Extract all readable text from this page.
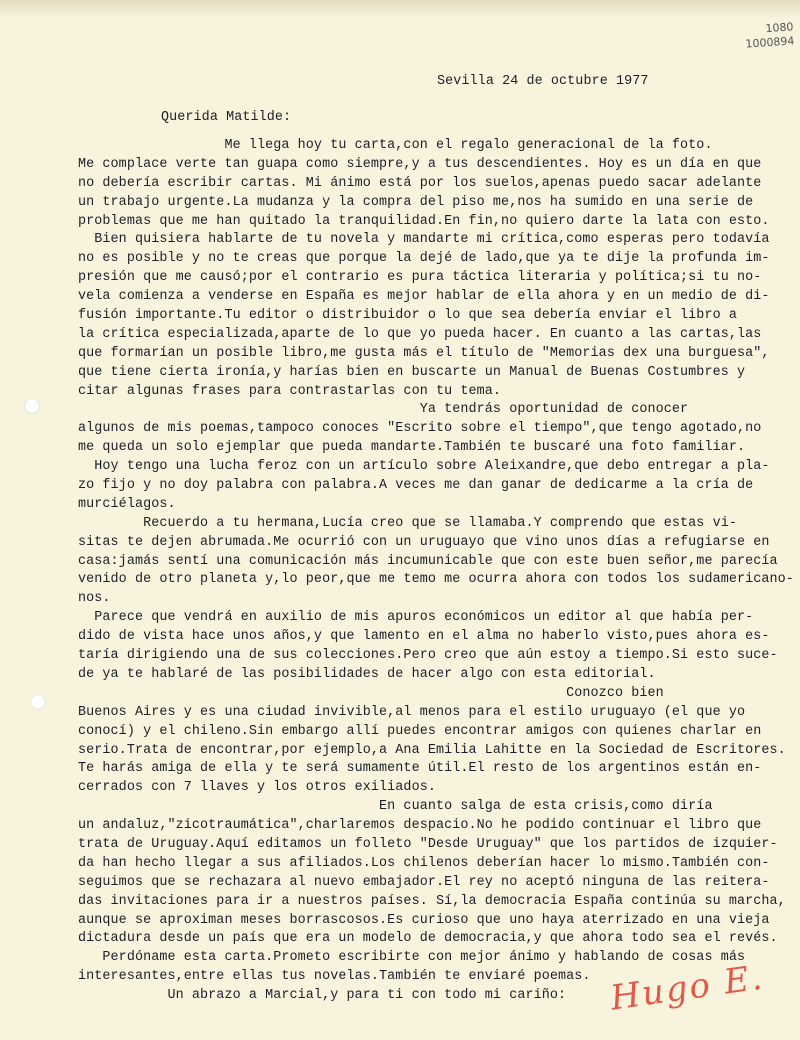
1080
1000894
Sevilla 24 de octubre 1977
Querida Matilde:
Me llega hoy tu carta,con el regalo generacional de la foto.
Me complace verte tan guapa como siempre,y a tus descendientes. Hoy es un día en que
no debería escribir cartas. Mi ánimo está por los suelos,apenas puedo sacar adelante
un trabajo urgente.La mudanza y la compra del piso me,nos ha sumido en una serie de
problemas que me han quitado la tranquilidad.En fin,no quiero darte la lata con esto.
Bien quisiera hablarte de tu novela y mandarte mi crítica,como esperas pero todavía
no es posible y no te creas que porque la dejé de lado,que ya te dije la profunda im-
presión que me causó;por el contrario es pura táctica literaria y política;si tu no-
vela comienza a venderse en España es mejor hablar de ella ahora y en un medio de di-
fusión importante.Tu editor o distribuidor o lo que sea debería enviar el libro a
la crítica especializada,aparte de lo que yo pueda hacer. En cuanto a las cartas,las
que formarían un posible libro,me gusta más el título de "Memorias dex una burguesa",
que tiene cierta ironía,y harías bien en buscarte un Manual de Buenas Costumbres y
citar algunas frases para contrastarlas con tu tema.
Ya tendrás oportunidad de conocer
algunos de mis poemas,tampoco conoces "Escrito sobre el tiempo",que tengo agotado,no
me queda un solo ejemplar que pueda mandarte.También te buscaré una foto familiar.
Hoy tengo una lucha feroz con un artículo sobre Aleixandre,que debo entregar a pla-
zo fijo y no doy palabra con palabra.A veces me dan ganar de dedicarme a la cría de
murciélagos.
Recuerdo a tu hermana,Lucía creo que se llamaba.Y comprendo que estas vi-
sitas te dejen abrumada.Me ocurrió con un uruguayo que vino unos días a refugiarse en
casa:jamás sentí una comunicación más incumunicable que con este buen señor,me parecía
venido de otro planeta y,lo peor,que me temo me ocurra ahora con todos los sudamericano-
nos.
Parece que vendrá en auxilio de mis apuros económicos un editor al que había per-
dido de vista hace unos años,y que lamento en el alma no haberlo visto,pues ahora es-
taría dirigiendo una de sus colecciones.Pero creo que aún estoy a tiempo.Si esto suce-
de ya te hablaré de las posibilidades de hacer algo con esta editorial.
Conozco bien
Buenos Aires y es una ciudad invivible,al menos para el estilo uruguayo (el que yo
conocí) y el chileno.Sin embargo allí puedes encontrar amigos con quienes charlar en
serio.Trata de encontrar,por ejemplo,a Ana Emilia Lahitte en la Sociedad de Escritores.
Te harás amiga de ella y te será sumamente útil.El resto de los argentinos están en-
cerrados con 7 llaves y los otros exiliados.
En cuanto salga de esta crisis,como diría
un andaluz,"zicotraumática",charlaremos despacio.No he podido continuar el libro que
trata de Uruguay.Aquí editamos un folleto "Desde Uruguay" que los partidos de izquier-
da han hecho llegar a sus afiliados.Los chilenos deberían hacer lo mismo.También con-
seguimos que se rechazara al nuevo embajador.El rey no aceptó ninguna de las reitera-
das invitaciones para ir a nuestros países. Sí,la democracia España continúa su marcha,
aunque se aproximan meses borrascosos.Es curioso que uno haya aterrizado en una vieja
dictadura desde un país que era un modelo de democracia,y que ahora todo sea el revés.
Perdóname esta carta.Prometo escribirte con mejor ánimo y hablando de cosas más
interesantes,entre ellas tus novelas.También te enviaré poemas.
Un abrazo a Marcial,y para ti con todo mi cariño:	Hugo E.
